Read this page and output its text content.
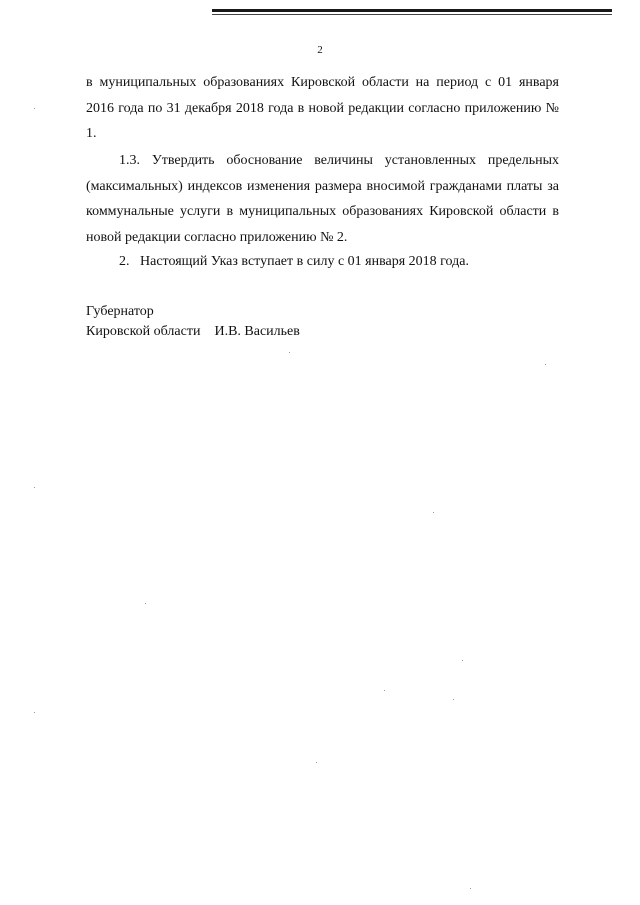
2

в муниципальных образованиях Кировской области на период с 01 января 2016 года по 31 декабря 2018 года в новой редакции согласно приложению № 1.

1.3. Утвердить обоснование величины установленных предельных (максимальных) индексов изменения размера вносимой гражданами платы за коммунальные услуги в муниципальных образованиях Кировской области в новой редакции согласно приложению № 2.

2.   Настоящий Указ вступает в силу с 01 января 2018 года.

Губернатор
Кировской области И.В. Васильев
